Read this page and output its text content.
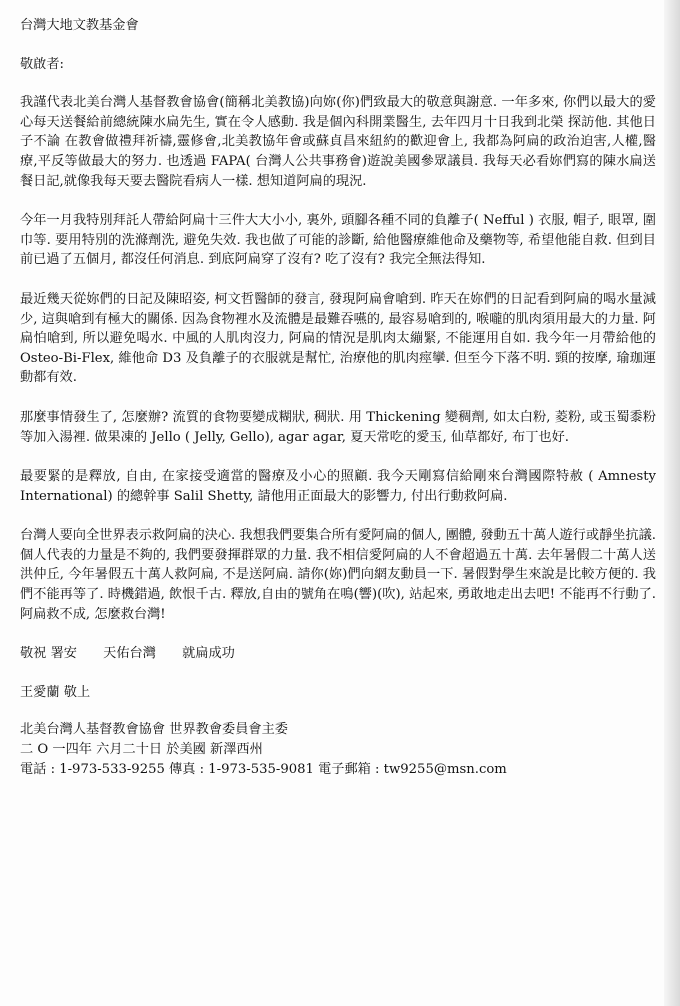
台灣大地文教基金會

敬啟者:

我謹代表北美台灣人基督教會協會(簡稱北美教協)向妳(你)們致最大的敬意與謝意. 一年多來, 你們以最大的愛心每天送餐給前總統陳水扁先生, 實在令人感動. 我是個內科開業醫生, 去年四月十日我到北榮 探訪他. 其他日子不論 在教會做禮拜祈禱,靈修會,北美教協年會或蘇貞昌來紐約的歡迎會上, 我都為阿扁的政治迫害,人權,醫療,平反等做最大的努力. 也透過 FAPA( 台灣人公共事務會)遊說美國參眾議員. 我每天必看妳們寫的陳水扁送餐日記,就像我每天要去醫院看病人一樣. 想知道阿扁的現況.

今年一月我特別拜託人帶給阿扁十三件大大小小, 裏外, 頭腳各種不同的負離子( Nefful ) 衣服, 帽子, 眼罩, 圍巾等. 要用特別的洗滌劑洗, 避免失效. 我也做了可能的診斷, 給他醫療維他命及藥物等, 希望他能自救. 但到目前已過了五個月, 都沒任何消息. 到底阿扁穿了沒有? 吃了沒有? 我完全無法得知.

最近幾天從妳們的日記及陳昭姿, 柯文哲醫師的發言, 發現阿扁會嗆到. 昨天在妳們的日記看到阿扁的喝水量減少, 這與嗆到有極大的關係. 因為食物裡水及流體是最難吞嚥的, 最容易嗆到的, 喉嚨的肌肉須用最大的力量. 阿扁怕嗆到, 所以避免喝水. 中風的人肌肉沒力, 阿扁的情況是肌肉太繃緊, 不能運用自如. 我今年一月帶給他的 Osteo-Bi-Flex, 維他命 D3 及負離子的衣服就是幫忙, 治療他的肌肉痙攣. 但至今下落不明. 頸的按摩, 瑜珈運動都有效.

那麼事情發生了, 怎麼辦? 流質的食物要變成糊狀, 稠狀. 用 Thickening 變稠劑, 如太白粉, 菱粉, 或玉蜀黍粉等加入湯裡. 做果凍的 Jello ( Jelly, Gello), agar agar, 夏天常吃的愛玉, 仙草都好, 布丁也好.

最要緊的是釋放, 自由, 在家接受適當的醫療及小心的照顧. 我今天剛寫信給剛來台灣國際特赦 ( Amnesty International) 的總幹事 Salil Shetty, 請他用正面最大的影響力, 付出行動救阿扁.

台灣人要向全世界表示救阿扁的決心. 我想我們要集合所有愛阿扁的個人, 團體, 發動五十萬人遊行或靜坐抗議. 個人代表的力量是不夠的, 我們要發揮群眾的力量. 我不相信愛阿扁的人不會超過五十萬. 去年暑假二十萬人送洪仲丘, 今年暑假五十萬人救阿扁, 不是送阿扁. 請你(妳)們向網友動員一下. 暑假對學生來說是比較方便的. 我們不能再等了. 時機錯過, 飲恨千古. 釋放,自由的號角在鳴(響)(吹), 站起來, 勇敢地走出去吧! 不能再不行動了. 阿扁救不成, 怎麼救台灣!

敬祝 署安 天佑台灣 就扁成功

王愛蘭 敬上

北美台灣人基督教會協會 世界教會委員會主委

二 O 一四年 六月二十日 於美國 新澤西州

電話 : 1-973-533-9255 傳真 : 1-973-535-9081 電子郵箱 : tw9255@msn.com
